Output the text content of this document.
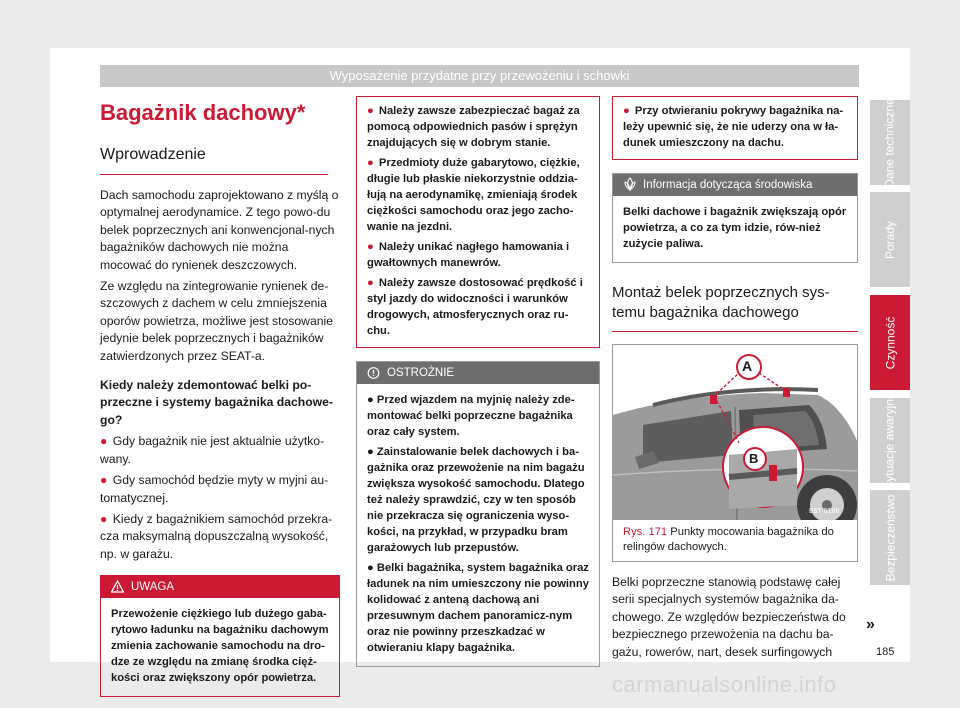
Wyposażenie przydatne przy przewożeniu i schowki
Bagażnik dachowy*
Wprowadzenie

Dach samochodu zaprojektowano z myślą o optymalnej aerodynamice. Z tego powo-du belek poprzecznych ani konwencjonal-nych bagażników dachowych nie można mocować do rynienek deszczowych.

Ze względu na zintegrowanie rynienek de-szczowych z dachem w celu zmniejszenia oporów powietrza, możliwe jest stosowanie jedynie belek poprzecznych i bagażników zatwierdzonych przez SEAT-a.

Kiedy należy zdemontować belki po-przeczne i systemy bagażnika dachowe-go?

● Gdy bagażnik nie jest aktualnie użytko-wany.

● Gdy samochód będzie myty w myjni au-tomatycznej.

● Kiedy z bagażnikiem samochód przekra-cza maksymalną dopuszczalną wysokość, np. w garażu.

UWAGA

Przewożenie ciężkiego lub dużego gaba-rytowo ładunku na bagażniku dachowym zmienia zachowanie samochodu na dro-dze ze względu na zmianę środka cięż-kości oraz zwiększony opór powietrza.

● Należy zawsze zabezpieczać bagaż za pomocą odpowiednich pasów i sprężyn znajdujących się w dobrym stanie.

● Przedmioty duże gabarytowo, ciężkie, długie lub płaskie niekorzystnie oddzia-łują na aerodynamikę, zmieniają środek ciężkości samochodu oraz jego zacho-wanie na jezdni.

● Należy unikać nagłego hamowania i gwałtownych manewrów.

● Należy zawsze dostosować prędkość i styl jazdy do widoczności i warunków drogowych, atmosferycznych oraz ru-chu.

OSTROŻNIE

● Przed wjazdem na myjnię należy zde-montować belki poprzeczne bagażnika oraz cały system.

● Zainstalowanie belek dachowych i ba-gażnika oraz przewożenie na nim bagażu zwiększa wysokość samochodu. Dlatego też należy sprawdzić, czy w ten sposób nie przekracza się ograniczenia wyso-kości, na przykład, w przypadku bram garażowych lub przepustów.

● Belki bagażnika, system bagażnika oraz ładunek na nim umieszczony nie powinny kolidować z anteną dachową ani przesuwnym dachem panoramicz-nym oraz nie powinny przeszkadzać w otwieraniu klapy bagażnika.

● Przy otwieraniu pokrywy bagażnika na-leży upewnić się, że nie uderzy ona w ła-dunek umieszczony na dachu.

Informacja dotycząca środowiska

Belki dachowe i bagażnik zwiększają opór powietrza, a co za tym idzie, rów-nież zużycie paliwa.

Montaż belek poprzecznych sys-temu bagażnika dachowego
A
B
B5T-0186
Rys. 171 Punkty mocowania bagażnika do relingów dachowych.

Belki poprzeczne stanowią podstawę całej serii specjalnych systemów bagażnika da-chowego. Ze względów bezpieczeństwa do bezpiecznego przewożenia na dachu ba-gażu, rowerów, nart, desek surfingowych

Dane techniczne
Porady
Czynność
Sytuacje awaryjne
Bezpieczeństwo
»
185
carmanualsonline.info
